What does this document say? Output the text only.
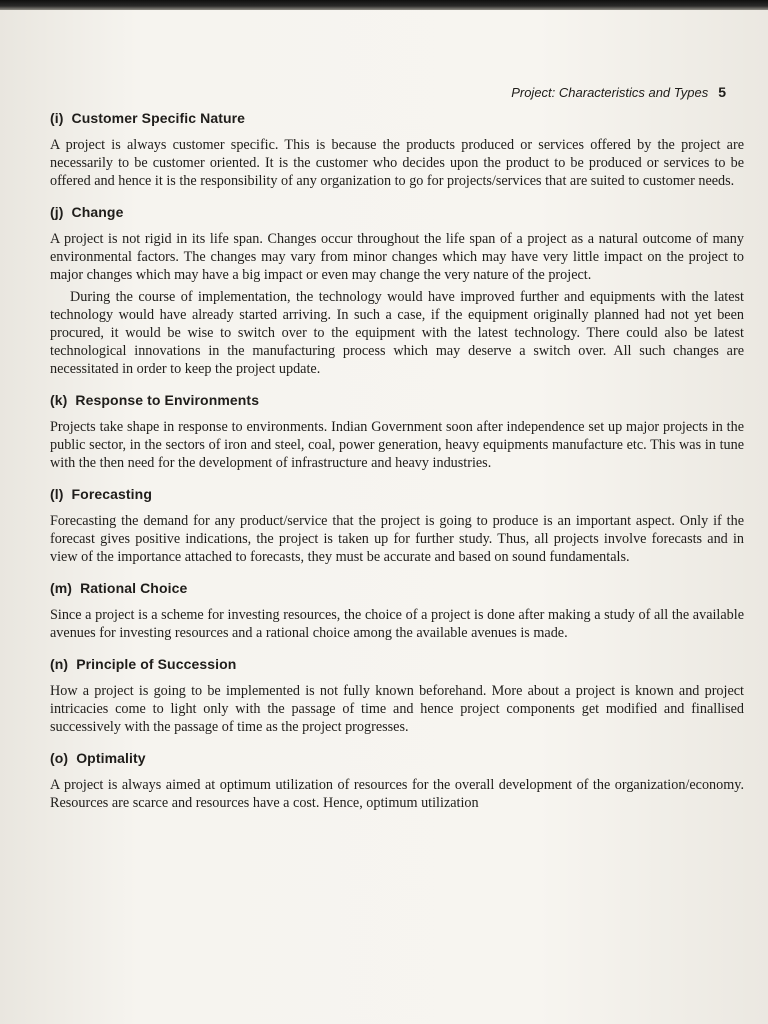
Project: Characteristics and Types 5
(i) Customer Specific Nature

A project is always customer specific. This is because the products produced or services offered by the project are necessarily to be customer oriented. It is the customer who decides upon the product to be produced or services to be offered and hence it is the responsibility of any organization to go for projects/services that are suited to customer needs.

(j) Change

A project is not rigid in its life span. Changes occur throughout the life span of a project as a natural outcome of many environmental factors. The changes may vary from minor changes which may have very little impact on the project to major changes which may have a big impact or even may change the very nature of the project.

During the course of implementation, the technology would have improved further and equipments with the latest technology would have already started arriving. In such a case, if the equipment originally planned had not yet been procured, it would be wise to switch over to the equipment with the latest technology. There could also be latest technological innovations in the manufacturing process which may deserve a switch over. All such changes are necessitated in order to keep the project update.

(k) Response to Environments

Projects take shape in response to environments. Indian Government soon after independence set up major projects in the public sector, in the sectors of iron and steel, coal, power generation, heavy equipments manufacture etc. This was in tune with the then need for the development of infrastructure and heavy industries.

(l) Forecasting

Forecasting the demand for any product/service that the project is going to produce is an important aspect. Only if the forecast gives positive indications, the project is taken up for further study. Thus, all projects involve forecasts and in view of the importance attached to forecasts, they must be accurate and based on sound fundamentals.

(m) Rational Choice

Since a project is a scheme for investing resources, the choice of a project is done after making a study of all the available avenues for investing resources and a rational choice among the available avenues is made.

(n) Principle of Succession

How a project is going to be implemented is not fully known beforehand. More about a project is known and project intricacies come to light only with the passage of time and hence project components get modified and finallised successively with the passage of time as the project progresses.

(o) Optimality

A project is always aimed at optimum utilization of resources for the overall development of the organization/economy. Resources are scarce and resources have a cost. Hence, optimum utilization
